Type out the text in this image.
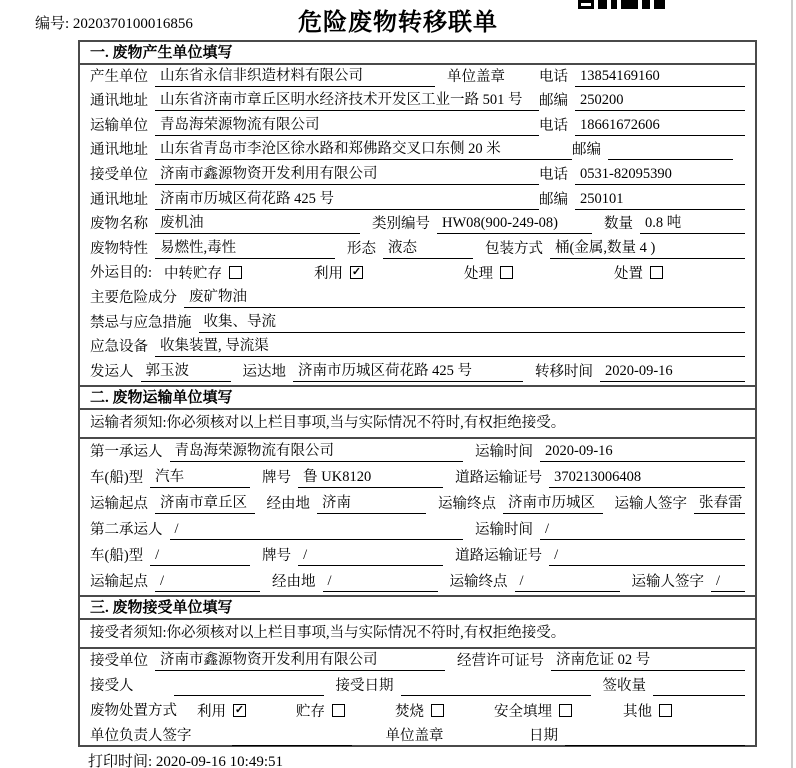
编号: 2020370100016856	危险废物转移联单
一. 废物产生单位填写
产生单位 山东省永信非织造材料有限公司	单位盖章 电话 13854169160
通讯地址 山东省济南市章丘区明水经济技术开发区工业一路 501 号	邮编 250200
运输单位 青岛海荣源物流有限公司	电话 18661672606
通讯地址 山东省青岛市李沧区徐水路和郑佛路交叉口东侧 20 米	邮编
接受单位 济南市鑫源物资开发利用有限公司	电话 0531-82095390
通讯地址 济南市历城区荷花路 425 号	邮编 250101
废物名称 废机油	类别编号 HW08(900-249-08)	数量 0.8 吨
废物特性 易燃性,毒性	形态 液态	包装方式 桶(金属,数量 4 )
外运目的: 中转贮存	利用 ✓	处理	处置
主要危险成分 废矿物油
禁忌与应急措施 收集、导流
应急设备 收集装置, 导流渠
发运人 郭玉波	运达地 济南市历城区荷花路 425 号	转移时间 2020-09-16
二. 废物运输单位填写
运输者须知:你必须核对以上栏目事项,当与实际情况不符时,有权拒绝接受。
第一承运人 青岛海荣源物流有限公司	运输时间 2020-09-16
车(船)型 汽车	牌号 鲁 UK8120	道路运输证号 370213006408
运输起点 济南市章丘区	经由地 济南	运输终点 济南市历城区	运输人签字 张春雷
第二承运人 /	运输时间 /
车(船)型 /	牌号 /	道路运输证号 /
运输起点 /	经由地 /	运输终点 /	运输人签字 /
三. 废物接受单位填写
接受者须知:你必须核对以上栏目事项,当与实际情况不符时,有权拒绝接受。
接受单位 济南市鑫源物资开发利用有限公司	经营许可证号 济南危证 02 号
接受人	接受日期	签收量
废物处置方式 利用 ✓	贮存	焚烧	安全填埋	其他
单位负责人签字	单位盖章	日期
打印时间: 2020-09-16 10:49:51
